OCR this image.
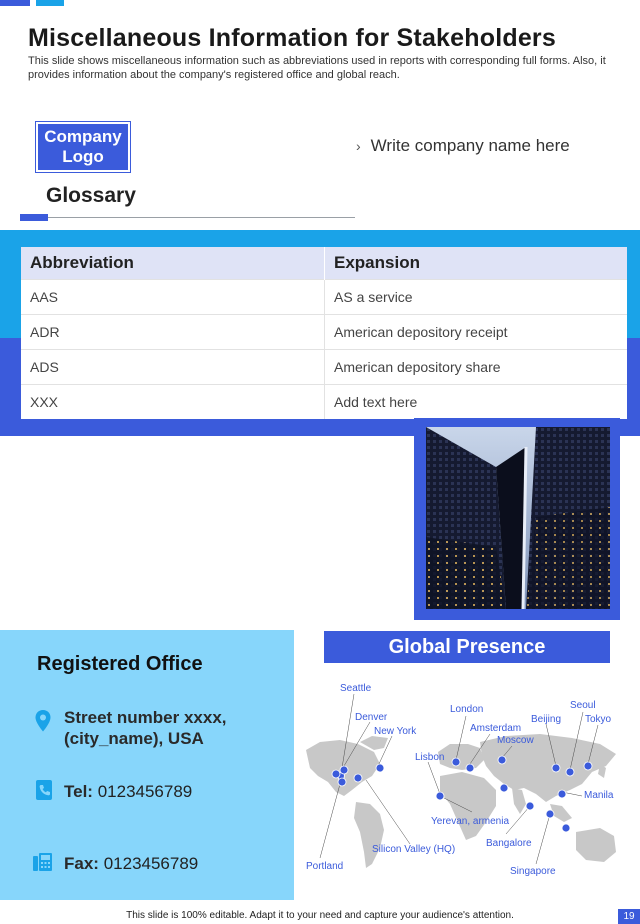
Miscellaneous Information for Stakeholders
This slide shows miscellaneous information such as abbreviations used in reports with corresponding full forms. Also, it provides information about the company's registered office and global reach.
Company
Logo
› Write company name here
Glossary
Abbreviation	Expansion
AAS	AS a service
ADR	American depository receipt
ADS	American depository share
XXX	Add text here
Registered Office
Street number xxxx,
(city_name), USA
Tel: 0123456789
Fax: 0123456789
Global Presence
Seattle
Denver
New York
London
Amsterdam
Moscow
Beijing
Seoul
Tokyo
Lisbon
Manila
Yerevan, armenia
Bangalore
Silicon Valley (HQ)
Portland	Singapore
This slide is 100% editable. Adapt it to your need and capture your audience's attention.	19
